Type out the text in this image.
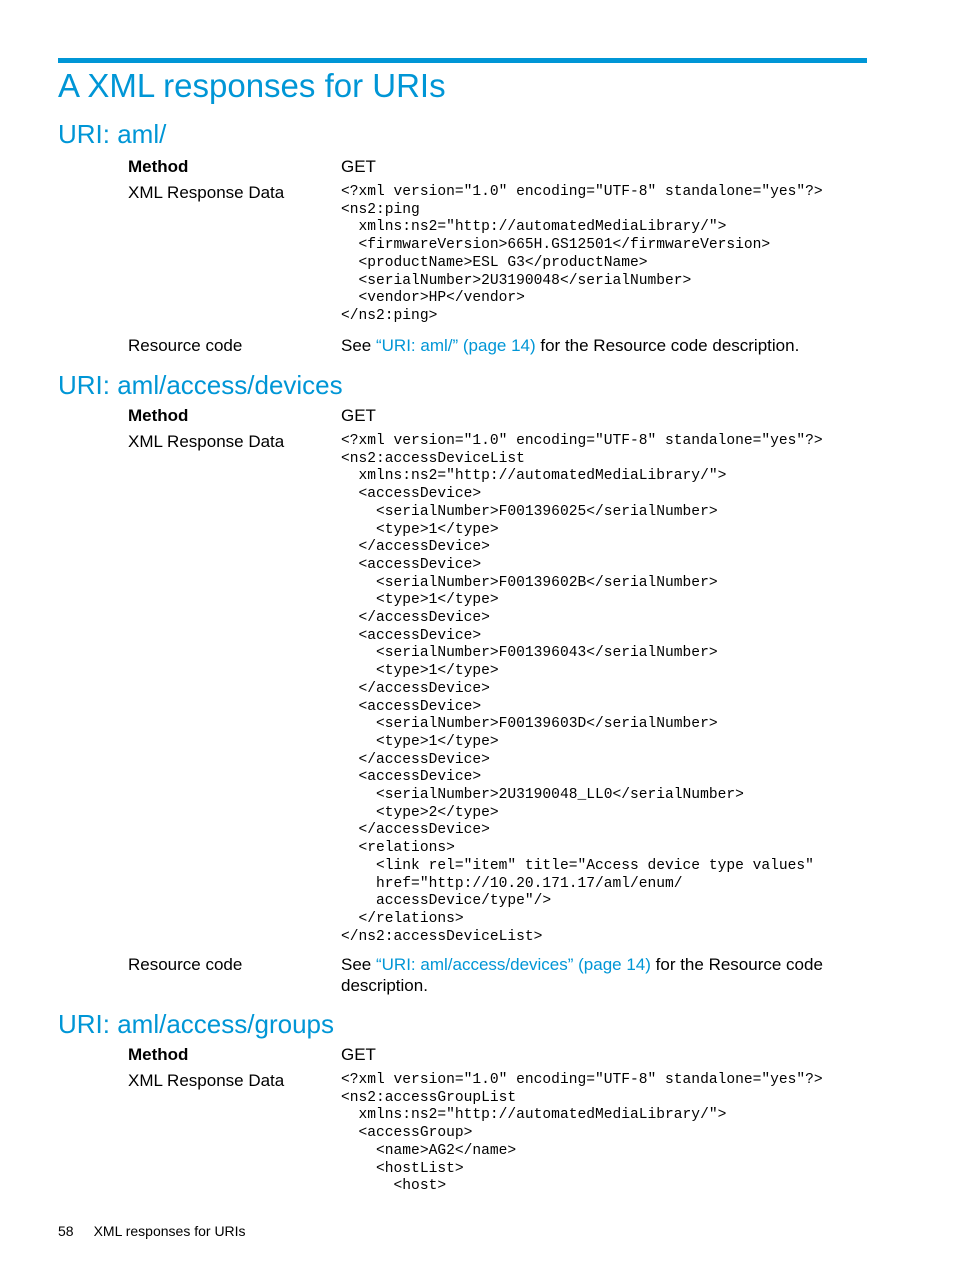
A XML responses for URIs
URI: aml/
Method	GET
XML Response Data	<?xml version="1.0" encoding="UTF-8" standalone="yes"?>
<ns2:ping
xmlns:ns2="http://automatedMediaLibrary/">
<firmwareVersion>665H.GS12501</firmwareVersion>
<productName>ESL G3</productName>
<serialNumber>2U3190048</serialNumber>
<vendor>HP</vendor>
</ns2:ping>
Resource code	See “URI: aml/” (page 14) for the Resource code description.
URI: aml/access/devices
Method	GET
XML Response Data	<?xml version="1.0" encoding="UTF-8" standalone="yes"?>
<ns2:accessDeviceList
xmlns:ns2="http://automatedMediaLibrary/">
<accessDevice>
<serialNumber>F001396025</serialNumber>
<type>1</type>
</accessDevice>
<accessDevice>
<serialNumber>F00139602B</serialNumber>
<type>1</type>
</accessDevice>
<accessDevice>
<serialNumber>F001396043</serialNumber>
<type>1</type>
</accessDevice>
<accessDevice>
<serialNumber>F00139603D</serialNumber>
<type>1</type>
</accessDevice>
<accessDevice>
<serialNumber>2U3190048_LL0</serialNumber>
<type>2</type>
</accessDevice>
<relations>
<link rel="item" title="Access device type values"
href="http://10.20.171.17/aml/enum/
accessDevice/type"/>
</relations>
</ns2:accessDeviceList>
Resource code	See “URI: aml/access/devices” (page 14) for the Resource code description.
URI: aml/access/groups
Method	GET
XML Response Data	<?xml version="1.0" encoding="UTF-8" standalone="yes"?>
<ns2:accessGroupList
xmlns:ns2="http://automatedMediaLibrary/">
<accessGroup>
<name>AG2</name>
<hostList>
<host>
58 XML responses for URIs
